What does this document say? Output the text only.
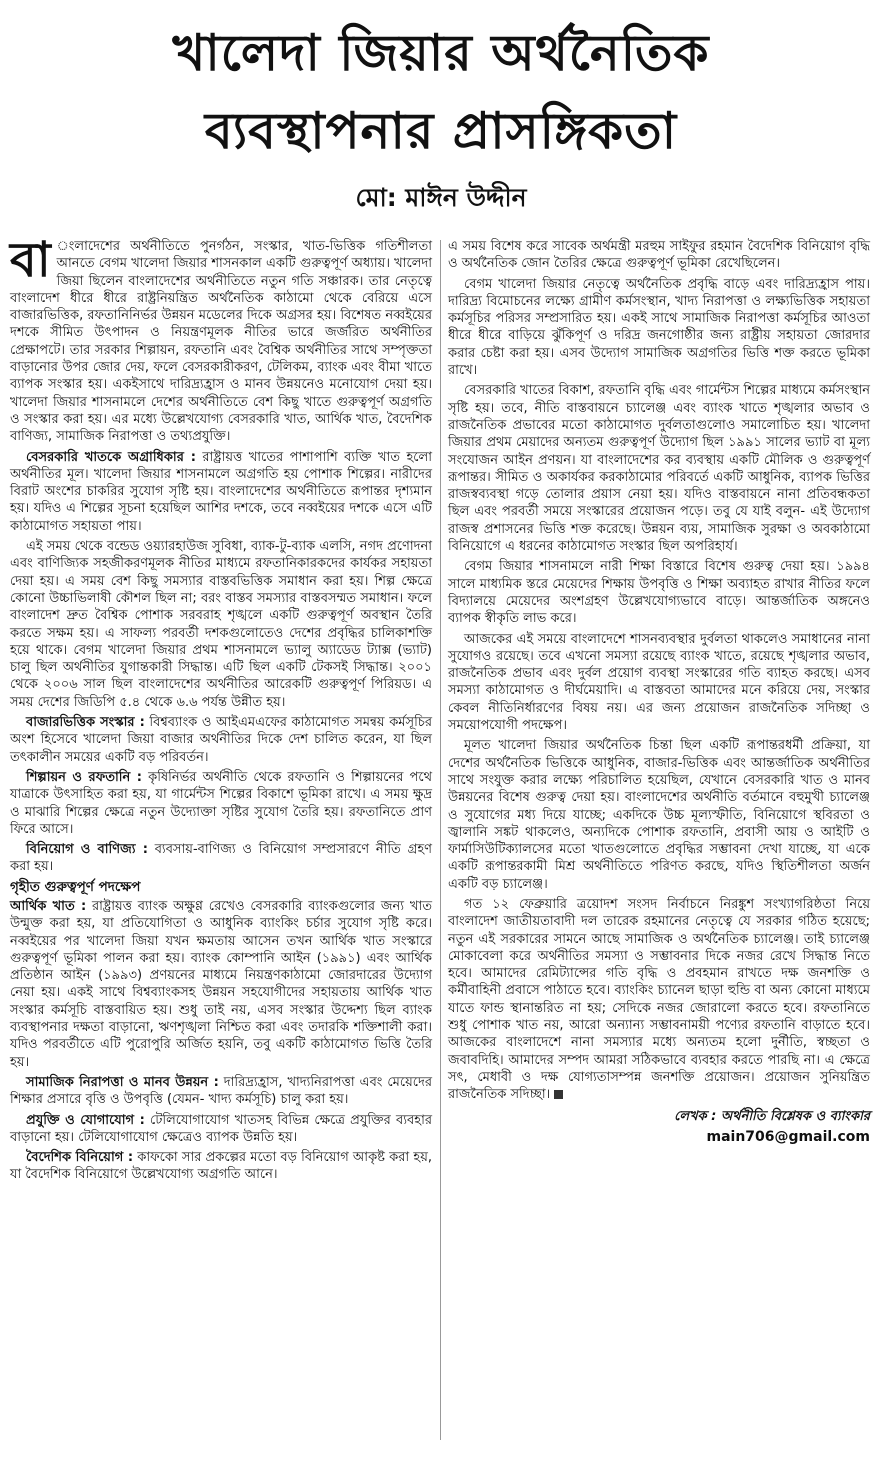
খালেদা জিয়ার অর্থনৈতিক
ব্যবস্থাপনার প্রাসঙ্গিকতা
মো: মাঈন উদ্দীন

বা ংলাদেশের অর্থনীতিতে পুনর্গঠন, সংস্কার, খাত-ভিত্তিক গতিশীলতা আনতে বেগম খালেদা জিয়ার শাসনকাল একটি গুরুত্বপূর্ণ অধ্যায়। খালেদা জিয়া ছিলেন বাংলাদেশের অর্থনীতিতে নতুন গতি সঞ্চারক। তার নেতৃত্বে বাংলাদেশ ধীরে ধীরে রাষ্ট্রনিয়ন্ত্রিত অর্থনৈতিক কাঠামো থেকে বেরিয়ে এসে বাজারভিত্তিক, রফতানিনির্ভর উন্নয়ন মডেলের দিকে অগ্রসর হয়। বিশেষত নব্বইয়ের দশকে সীমিত উৎপাদন ও নিয়ন্ত্রণমূলক নীতির ভারে জর্জরিত অর্থনীতির প্রেক্ষাপটে। তার সরকার শিল্পায়ন, রফতানি এবং বৈশ্বিক অর্থনীতির সাথে সম্পৃক্ততা বাড়ানোর উপর জোর দেয়, ফলে বেসরকারীকরণ, টেলিকম, ব্যাংক এবং বীমা খাতে ব্যাপক সংস্কার হয়। একইসাথে দারিদ্র্যহ্রাস ও মানব উন্নয়নেও মনোযোগ দেয়া হয়। খালেদা জিয়ার শাসনামলে দেশের অর্থনীতিতে বেশ কিছু খাতে গুরুত্বপূর্ণ অগ্রগতি ও সংস্কার করা হয়। এর মধ্যে উল্লেখযোগ্য বেসরকারি খাত, আর্থিক খাত, বৈদেশিক বাণিজ্য, সামাজিক নিরাপত্তা ও তথ্যপ্রযুক্তি।

বেসরকারি খাতকে অগ্রাধিকার : রাষ্ট্রায়ত্ত খাতের পাশাপাশি ব্যক্তি খাত হলো অর্থনীতির মূল। খালেদা জিয়ার শাসনামলে অগ্রগতি হয় পোশাক শিল্পের। নারীদের বিরাট অংশের চাকরির সুযোগ সৃষ্টি হয়। বাংলাদেশের অর্থনীতিতে রূপান্তর দৃশ্যমান হয়। যদিও এ শিল্পের সূচনা হয়েছিল আশির দশকে, তবে নব্বইয়ের দশকে এসে এটি কাঠামোগত সহায়তা পায়।

এই সময় থেকে বন্ডেড ওয়্যারহাউজ সুবিধা, ব্যাক-টু-ব্যাক এলসি, নগদ প্রণোদনা এবং বাণিজ্যিক সহজীকরণমূলক নীতির মাধ্যমে রফতানিকারকদের কার্যকর সহায়তা দেয়া হয়। এ সময় বেশ কিছু সমস্যার বাস্তবভিত্তিক সমাধান করা হয়। শিল্প ক্ষেত্রে কোনো উচ্চাভিলাষী কৌশল ছিল না; বরং বাস্তব সমস্যার বাস্তবসম্মত সমাধান। ফলে বাংলাদেশ দ্রুত বৈশ্বিক পোশাক সরবরাহ শৃঙ্খলে একটি গুরুত্বপূর্ণ অবস্থান তৈরি করতে সক্ষম হয়। এ সাফল্য পরবর্তী দশকগুলোতেও দেশের প্রবৃদ্ধির চালিকাশক্তি হয়ে থাকে। বেগম খালেদা জিয়ার প্রথম শাসনামলে ভ্যালু অ্যাডেড ট্যাক্স (ভ্যাট) চালু ছিল অর্থনীতির যুগান্তকারী সিদ্ধান্ত। এটি ছিল একটি টেকসই সিদ্ধান্ত। ২০০১ থেকে ২০০৬ সাল ছিল বাংলাদেশের অর্থনীতির আরেকটি গুরুত্বপূর্ণ পিরিয়ড। এ সময় দেশের জিডিপি ৫.৪ থেকে ৬.৬ পর্যন্ত উন্নীত হয়।

বাজারভিত্তিক সংস্কার : বিশ্বব্যাংক ও আইএমএফের কাঠামোগত সমন্বয় কর্মসূচির অংশ হিসেবে খালেদা জিয়া বাজার অর্থনীতির দিকে দেশ চালিত করেন, যা ছিল তৎকালীন সময়ের একটি বড় পরিবর্তন।

শিল্পায়ন ও রফতানি : কৃষিনির্ভর অর্থনীতি থেকে রফতানি ও শিল্পায়নের পথে যাত্রাকে উৎসাহিত করা হয়, যা গার্মেন্টস শিল্পের বিকাশে ভূমিকা রাখে। এ সময় ক্ষুদ্র ও মাঝারি শিল্পের ক্ষেত্রে নতুন উদ্যোক্তা সৃষ্টির সুযোগ তৈরি হয়। রফতানিতে প্রাণ ফিরে আসে।

বিনিয়োগ ও বাণিজ্য : ব্যবসায়-বাণিজ্য ও বিনিয়োগ সম্প্রসারণে নীতি গ্রহণ করা হয়।

গৃহীত গুরুত্বপূর্ণ পদক্ষেপ

আর্থিক খাত : রাষ্ট্রায়ত্ত ব্যাংক অক্ষুণ্ণ রেখেও বেসরকারি ব্যাংকগুলোর জন্য খাত উন্মুক্ত করা হয়, যা প্রতিযোগিতা ও আধুনিক ব্যাংকিং চর্চার সুযোগ সৃষ্টি করে। নব্বইয়ের পর খালেদা জিয়া যখন ক্ষমতায় আসেন তখন আর্থিক খাত সংস্কারে গুরুত্বপূর্ণ ভূমিকা পালন করা হয়। ব্যাংক কোম্পানি আইন (১৯৯১) এবং আর্থিক প্রতিষ্ঠান আইন (১৯৯৩) প্রণয়নের মাধ্যমে নিয়ন্ত্রণকাঠামো জোরদারের উদ্যোগ নেয়া হয়। একই সাথে বিশ্বব্যাংকসহ উন্নয়ন সহযোগীদের সহায়তায় আর্থিক খাত সংস্কার কর্মসূচি বাস্তবায়িত হয়। শুধু তাই নয়, এসব সংস্কার উদ্দেশ্য ছিল ব্যাংক ব্যবস্থাপনার দক্ষতা বাড়ানো, ঋণশৃঙ্খলা নিশ্চিত করা এবং তদারকি শক্তিশালী করা। যদিও পরবর্তীতে এটি পুরোপুরি অর্জিত হয়নি, তবু একটি কাঠামোগত ভিত্তি তৈরি হয়।

সামাজিক নিরাপত্তা ও মানব উন্নয়ন : দারিদ্র্যহ্রাস, খাদ্যনিরাপত্তা এবং মেয়েদের শিক্ষার প্রসারে বৃত্তি ও উপবৃত্তি (যেমন- খাদ্য কর্মসূচি) চালু করা হয়।

প্রযুক্তি ও যোগাযোগ : টেলিযোগাযোগ খাতসহ বিভিন্ন ক্ষেত্রে প্রযুক্তির ব্যবহার বাড়ানো হয়। টেলিযোগাযোগ ক্ষেত্রেও ব্যাপক উন্নতি হয়।

বৈদেশিক বিনিয়োগ : কাফকো সার প্রকল্পের মতো বড় বিনিয়োগ আকৃষ্ট করা হয়, যা বৈদেশিক বিনিয়োগে উল্লেখযোগ্য অগ্রগতি আনে।

এ সময় বিশেষ করে সাবেক অর্থমন্ত্রী মরহুম সাইফুর রহমান বৈদেশিক বিনিয়োগ বৃদ্ধি ও অর্থনৈতিক জোন তৈরির ক্ষেত্রে গুরুত্বপূর্ণ ভূমিকা রেখেছিলেন।

বেগম খালেদা জিয়ার নেতৃত্বে অর্থনৈতিক প্রবৃদ্ধি বাড়ে এবং দারিদ্র্যহ্রাস পায়। দারিদ্র্য বিমোচনের লক্ষ্যে গ্রামীণ কর্মসংস্থান, খাদ্য নিরাপত্তা ও লক্ষ্যভিত্তিক সহায়তা কর্মসূচির পরিসর সম্প্রসারিত হয়। একই সাথে সামাজিক নিরাপত্তা কর্মসূচির আওতা ধীরে ধীরে বাড়িয়ে ঝুঁকিপূর্ণ ও দরিদ্র জনগোষ্ঠীর জন্য রাষ্ট্রীয় সহায়তা জোরদার করার চেষ্টা করা হয়। এসব উদ্যোগ সামাজিক অগ্রগতির ভিত্তি শক্ত করতে ভূমিকা রাখে।

বেসরকারি খাতের বিকাশ, রফতানি বৃদ্ধি এবং গার্মেন্টস শিল্পের মাধ্যমে কর্মসংস্থান সৃষ্টি হয়। তবে, নীতি বাস্তবায়নে চ্যালেঞ্জ এবং ব্যাংক খাতে শৃঙ্খলার অভাব ও রাজনৈতিক প্রভাবের মতো কাঠামোগত দুর্বলতাগুলোও সমালোচিত হয়। খালেদা জিয়ার প্রথম মেয়াদের অন্যতম গুরুত্বপূর্ণ উদ্যোগ ছিল ১৯৯১ সালের ভ্যাট বা মূল্য সংযোজন আইন প্রণয়ন। যা বাংলাদেশের কর ব্যবস্থায় একটি মৌলিক ও গুরুত্বপূর্ণ রূপান্তর। সীমিত ও অকার্যকর করকাঠামোর পরিবর্তে একটি আধুনিক, ব্যাপক ভিত্তির রাজস্বব্যবস্থা গড়ে তোলার প্রয়াস নেয়া হয়। যদিও বাস্তবায়নে নানা প্রতিবন্ধকতা ছিল এবং পরবর্তী সময়ে সংস্কারের প্রয়োজন পড়ে। তবু যে যাই বলুন- এই উদ্যোগ রাজস্ব প্রশাসনের ভিত্তি শক্ত করেছে। উন্নয়ন ব্যয়, সামাজিক সুরক্ষা ও অবকাঠামো বিনিয়োগে এ ধরনের কাঠামোগত সংস্কার ছিল অপরিহার্য।

বেগম জিয়ার শাসনামলে নারী শিক্ষা বিস্তারে বিশেষ গুরুত্ব দেয়া হয়। ১৯৯৪ সালে মাধ্যমিক স্তরে মেয়েদের শিক্ষায় উপবৃত্তি ও শিক্ষা অব্যাহত রাখার নীতির ফলে বিদ্যালয়ে মেয়েদের অংশগ্রহণ উল্লেখযোগ্যভাবে বাড়ে। আন্তর্জাতিক অঙ্গনেও ব্যাপক স্বীকৃতি লাভ করে।

আজকের এই সময়ে বাংলাদেশে শাসনব্যবস্থার দুর্বলতা থাকলেও সমাধানের নানা সুযোগও রয়েছে। তবে এখনো সমস্যা রয়েছে ব্যাংক খাতে, রয়েছে শৃঙ্খলার অভাব, রাজনৈতিক প্রভাব এবং দুর্বল প্রয়োগ ব্যবস্থা সংস্কারের গতি ব্যাহত করছে। এসব সমস্যা কাঠামোগত ও দীর্ঘমেয়াদি। এ বাস্তবতা আমাদের মনে করিয়ে দেয়, সংস্কার কেবল নীতিনির্ধারণের বিষয় নয়। এর জন্য প্রয়োজন রাজনৈতিক সদিচ্ছা ও সময়োপযোগী পদক্ষেপ।

মূলত খালেদা জিয়ার অর্থনৈতিক চিন্তা ছিল একটি রূপান্তরধর্মী প্রক্রিয়া, যা দেশের অর্থনৈতিক ভিত্তিকে আধুনিক, বাজার-ভিত্তিক এবং আন্তর্জাতিক অর্থনীতির সাথে সংযুক্ত করার লক্ষ্যে পরিচালিত হয়েছিল, যেখানে বেসরকারি খাত ও মানব উন্নয়নের বিশেষ গুরুত্ব দেয়া হয়। বাংলাদেশের অর্থনীতি বর্তমানে বহুমুখী চ্যালেঞ্জ ও সুযোগের মধ্য দিয়ে যাচ্ছে; একদিকে উচ্চ মূল্যস্ফীতি, বিনিয়োগে স্থবিরতা ও জ্বালানি সঙ্কট থাকলেও, অন্যদিকে পোশাক রফতানি, প্রবাসী আয় ও আইটি ও ফার্মাসিউটিক্যালসের মতো খাতগুলোতে প্রবৃদ্ধির সম্ভাবনা দেখা যাচ্ছে, যা একে একটি রূপান্তরকামী মিশ্র অর্থনীতিতে পরিণত করছে, যদিও স্থিতিশীলতা অর্জন একটি বড় চ্যালেঞ্জ।

গত ১২ ফেব্রুয়ারি ত্রয়োদশ সংসদ নির্বাচনে নিরঙ্কুশ সংখ্যাগরিষ্ঠতা নিয়ে বাংলাদেশ জাতীয়তাবাদী দল তারেক রহমানের নেতৃত্বে যে সরকার গঠিত হয়েছে; নতুন এই সরকারের সামনে আছে সামাজিক ও অর্থনৈতিক চ্যালেঞ্জ। তাই চ্যালেঞ্জ মোকাবেলা করে অর্থনীতির সমস্যা ও সম্ভাবনার দিকে নজর রেখে সিদ্ধান্ত নিতে হবে। আমাদের রেমিট্যান্সের গতি বৃদ্ধি ও প্রবহমান রাখতে দক্ষ জনশক্তি ও কর্মীবাহিনী প্রবাসে পাঠাতে হবে। ব্যাংকিং চ্যানেল ছাড়া হুন্ডি বা অন্য কোনো মাধ্যমে যাতে ফান্ড স্থানান্তরিত না হয়; সেদিকে নজর জোরালো করতে হবে। রফতানিতে শুধু পোশাক খাত নয়, আরো অন্যান্য সম্ভাবনাময়ী পণ্যের রফতানি বাড়াতে হবে। আজকের বাংলাদেশে নানা সমস্যার মধ্যে অন্যতম হলো দুর্নীতি, স্বচ্ছতা ও জবাবদিহি। আমাদের সম্পদ আমরা সঠিকভাবে ব্যবহার করতে পারছি না। এ ক্ষেত্রে সৎ, মেধাবী ও দক্ষ যোগ্যতাসম্পন্ন জনশক্তি প্রয়োজন। প্রয়োজন সুনিয়ন্ত্রিত রাজনৈতিক সদিচ্ছা।

লেখক : অর্থনীতি বিশ্লেষক ও ব্যাংকার
main706@gmail.com
